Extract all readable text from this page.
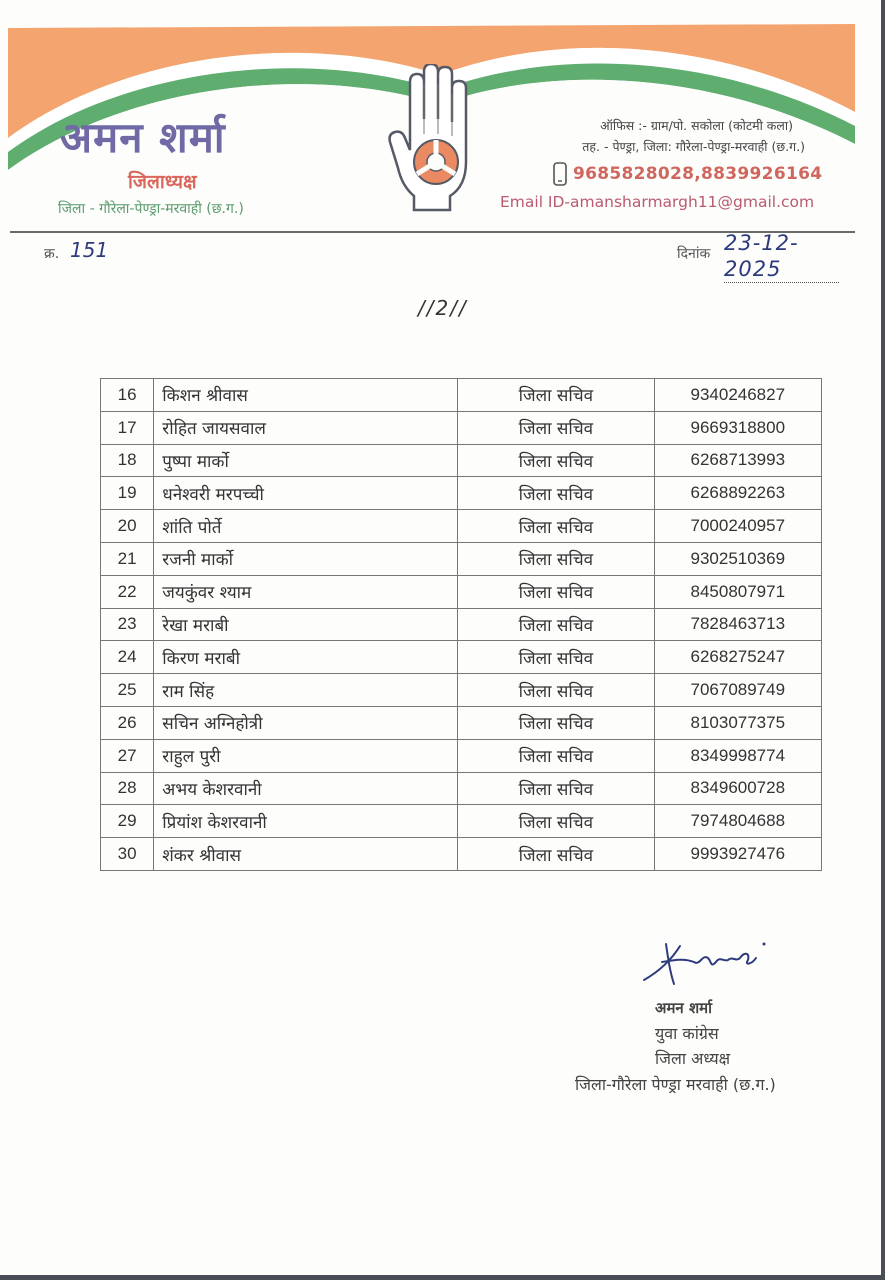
अमन शर्मा
जिलाध्यक्ष
जिला - गौरेला-पेण्ड्रा-मरवाही (छ.ग.)
ऑफिस :- ग्राम/पो. सकोला (कोटमी कला)
तह. - पेण्ड्रा, जिला: गौरेला-पेण्ड्रा-मरवाही (छ.ग.)
9685828028,8839926164
Email ID-amansharmargh11@gmail.com
क्र. 151	दिनांक 23-12-2025
//2//
16	किशन श्रीवास	जिला सचिव	9340246827
17	रोहित जायसवाल	जिला सचिव	9669318800
18	पुष्पा मार्को	जिला सचिव	6268713993
19	धनेश्वरी मरपच्ची	जिला सचिव	6268892263
20	शांति पोर्ते	जिला सचिव	7000240957
21	रजनी मार्को	जिला सचिव	9302510369
22	जयकुंवर श्याम	जिला सचिव	8450807971
23	रेखा मराबी	जिला सचिव	7828463713
24	किरण मराबी	जिला सचिव	6268275247
25	राम सिंह	जिला सचिव	7067089749
26	सचिन अग्निहोत्री	जिला सचिव	8103077375
27	राहुल पुरी	जिला सचिव	8349998774
28	अभय केशरवानी	जिला सचिव	8349600728
29	प्रियांश केशरवानी	जिला सचिव	7974804688
30	शंकर श्रीवास	जिला सचिव	9993927476
अमन शर्मा
युवा कांग्रेस
जिला अध्यक्ष
जिला-गौरेला पेण्ड्रा मरवाही (छ.ग.)
